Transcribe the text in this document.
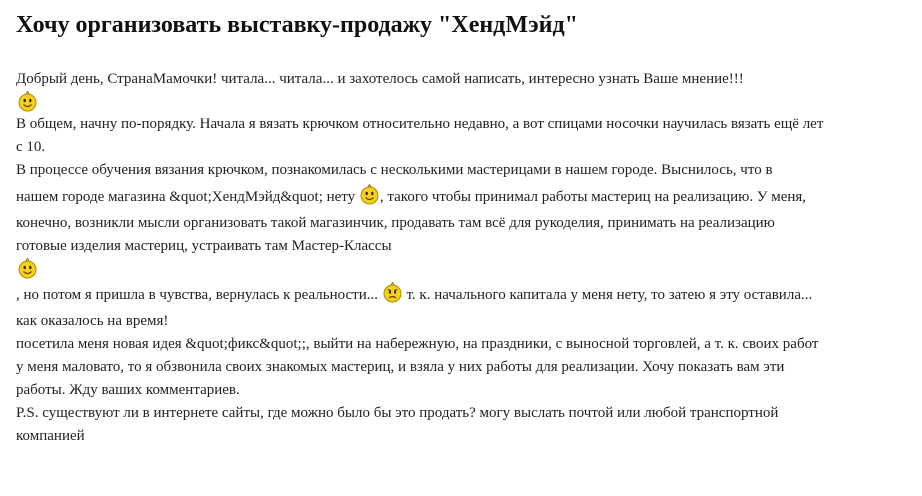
Хочу организовать выставку-продажу "ХендМэйд"
Добрый день, СтранаМамочки! читала... читала... и захотелось самой написать, интересно узнать Ваше мнение!!!
В общем, начну по-порядку. Начала я вязать крючком относительно недавно, а вот спицами носочки научилась вязать ещё лет
с 10.
В процессе обучения вязания крючком, познакомилась с несколькими мастерицами в нашем городе. Выснилось, что в
нашем городе магазина &quot;ХендМэйд&quot; нету , такого чтобы принимал работы мастериц на реализацию. У меня,
конечно, возникли мысли организовать такой магазинчик, продавать там всё для рукоделия, принимать на реализацию
готовые изделия мастериц, устраивать там Мастер-Классы
, но потом я пришла в чувства, вернулась к реальности... т. к. начального капитала у меня нету, то затею я эту оставила...
как оказалось на время!
посетила меня новая идея &quot;фикс&quot;;, выйти на набережную, на праздники, с выносной торговлей, а т. к. своих работ
у меня маловато, то я обзвонила своих знакомых мастериц, и взяла у них работы для реализации. Хочу показать вам эти
работы. Жду ваших комментариев.
P.S. существуют ли в интернете сайты, где можно было бы это продать? могу выслать почтой или любой транспортной
компанией
